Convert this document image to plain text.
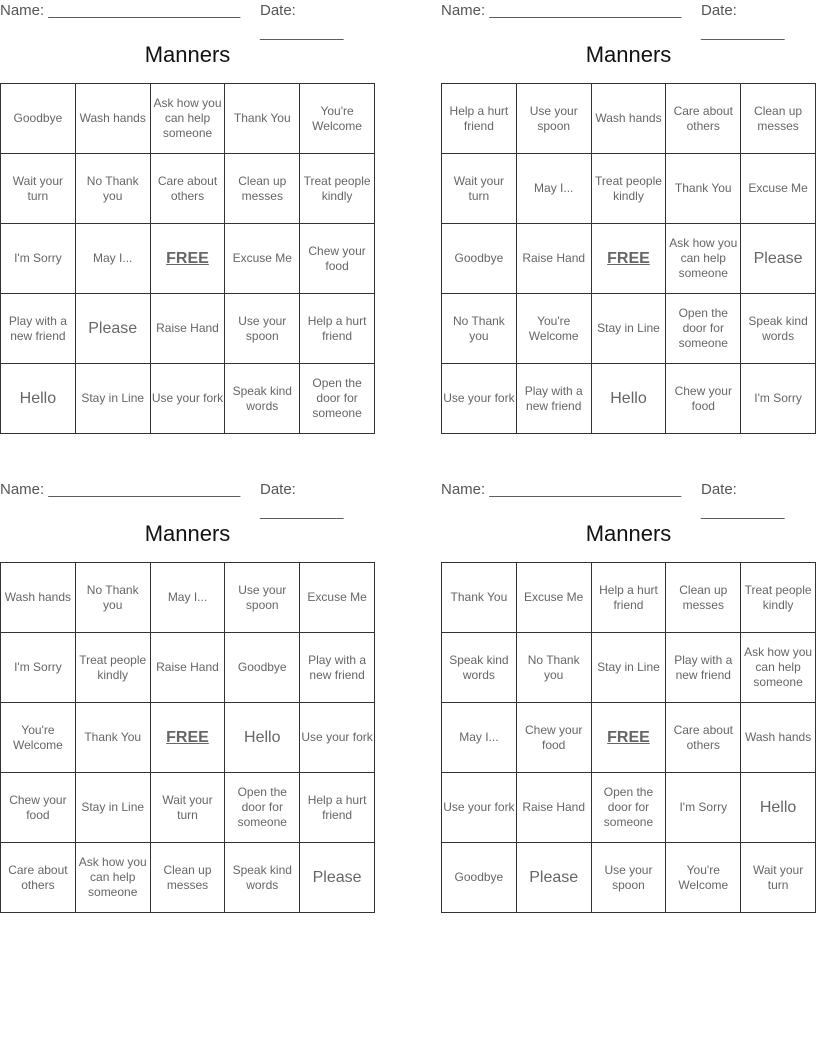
Name: _______________________ Date: __________
Manners
Goodbye	Wash hands	Ask how you can help someone	Thank You	You're Welcome
Wait your turn	No Thank you	Care about others	Clean up messes	Treat people kindly
I'm Sorry	May I...	FREE	Excuse Me	Chew your food
Play with a new friend	Please	Raise Hand	Use your spoon	Help a hurt friend
Hello	Stay in Line	Use your fork	Speak kind words	Open the door for someone
Name: _______________________ Date: __________
Manners
Help a hurt friend	Use your spoon	Wash hands	Care about others	Clean up messes
Wait your turn	May I...	Treat people kindly	Thank You	Excuse Me
Goodbye	Raise Hand	FREE	Ask how you can help someone	Please
No Thank you	You're Welcome	Stay in Line	Open the door for someone	Speak kind words
Use your fork	Play with a new friend	Hello	Chew your food	I'm Sorry
Name: _______________________ Date: __________
Manners
Wash hands	No Thank you	May I...	Use your spoon	Excuse Me
I'm Sorry	Treat people kindly	Raise Hand	Goodbye	Play with a new friend
You're Welcome	Thank You	FREE	Hello	Use your fork
Chew your food	Stay in Line	Wait your turn	Open the door for someone	Help a hurt friend
Care about others	Ask how you can help someone	Clean up messes	Speak kind words	Please
Name: _______________________ Date: __________
Manners
Thank You	Excuse Me	Help a hurt friend	Clean up messes	Treat people kindly
Speak kind words	No Thank you	Stay in Line	Play with a new friend	Ask how you can help someone
May I...	Chew your food	FREE	Care about others	Wash hands
Use your fork	Raise Hand	Open the door for someone	I'm Sorry	Hello
Goodbye	Please	Use your spoon	You're Welcome	Wait your turn
